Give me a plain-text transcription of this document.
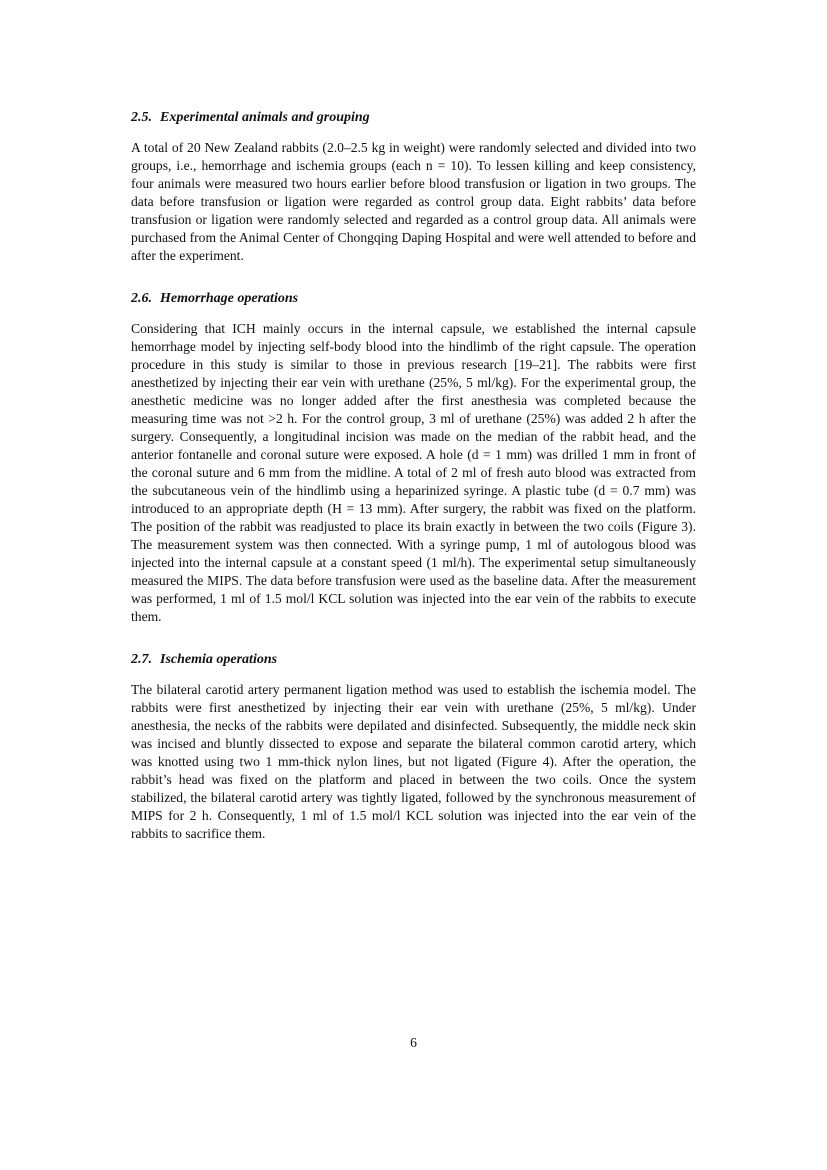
2.5. Experimental animals and grouping

A total of 20 New Zealand rabbits (2.0–2.5 kg in weight) were randomly selected and divided into two groups, i.e., hemorrhage and ischemia groups (each n = 10). To lessen killing and keep consistency, four animals were measured two hours earlier before blood transfusion or ligation in two groups. The data before transfusion or ligation were regarded as control group data. Eight rabbits’ data before transfusion or ligation were randomly selected and regarded as a control group data. All animals were purchased from the Animal Center of Chongqing Daping Hospital and were well attended to before and after the experiment.

2.6. Hemorrhage operations

Considering that ICH mainly occurs in the internal capsule, we established the internal capsule hemorrhage model by injecting self-body blood into the hindlimb of the right capsule. The operation procedure in this study is similar to those in previous research [19–21]. The rabbits were first anesthetized by injecting their ear vein with urethane (25%, 5 ml/kg). For the experimental group, the anesthetic medicine was no longer added after the first anesthesia was completed because the measuring time was not >2 h. For the control group, 3 ml of urethane (25%) was added 2 h after the surgery. Consequently, a longitudinal incision was made on the median of the rabbit head, and the anterior fontanelle and coronal suture were exposed. A hole (d = 1 mm) was drilled 1 mm in front of the coronal suture and 6 mm from the midline. A total of 2 ml of fresh auto blood was extracted from the subcutaneous vein of the hindlimb using a heparinized syringe. A plastic tube (d = 0.7 mm) was introduced to an appropriate depth (H = 13 mm). After surgery, the rabbit was fixed on the platform. The position of the rabbit was readjusted to place its brain exactly in between the two coils (Figure 3). The measurement system was then connected. With a syringe pump, 1 ml of autologous blood was injected into the internal capsule at a constant speed (1 ml/h). The experimental setup simultaneously measured the MIPS. The data before transfusion were used as the baseline data. After the measurement was performed, 1 ml of 1.5 mol/l KCL solution was injected into the ear vein of the rabbits to execute them.

2.7. Ischemia operations

The bilateral carotid artery permanent ligation method was used to establish the ischemia model. The rabbits were first anesthetized by injecting their ear vein with urethane (25%, 5 ml/kg). Under anesthesia, the necks of the rabbits were depilated and disinfected. Subsequently, the middle neck skin was incised and bluntly dissected to expose and separate the bilateral common carotid artery, which was knotted using two 1 mm-thick nylon lines, but not ligated (Figure 4). After the operation, the rabbit’s head was fixed on the platform and placed in between the two coils. Once the system stabilized, the bilateral carotid artery was tightly ligated, followed by the synchronous measurement of MIPS for 2 h. Consequently, 1 ml of 1.5 mol/l KCL solution was injected into the ear vein of the rabbits to sacrifice them.

6
